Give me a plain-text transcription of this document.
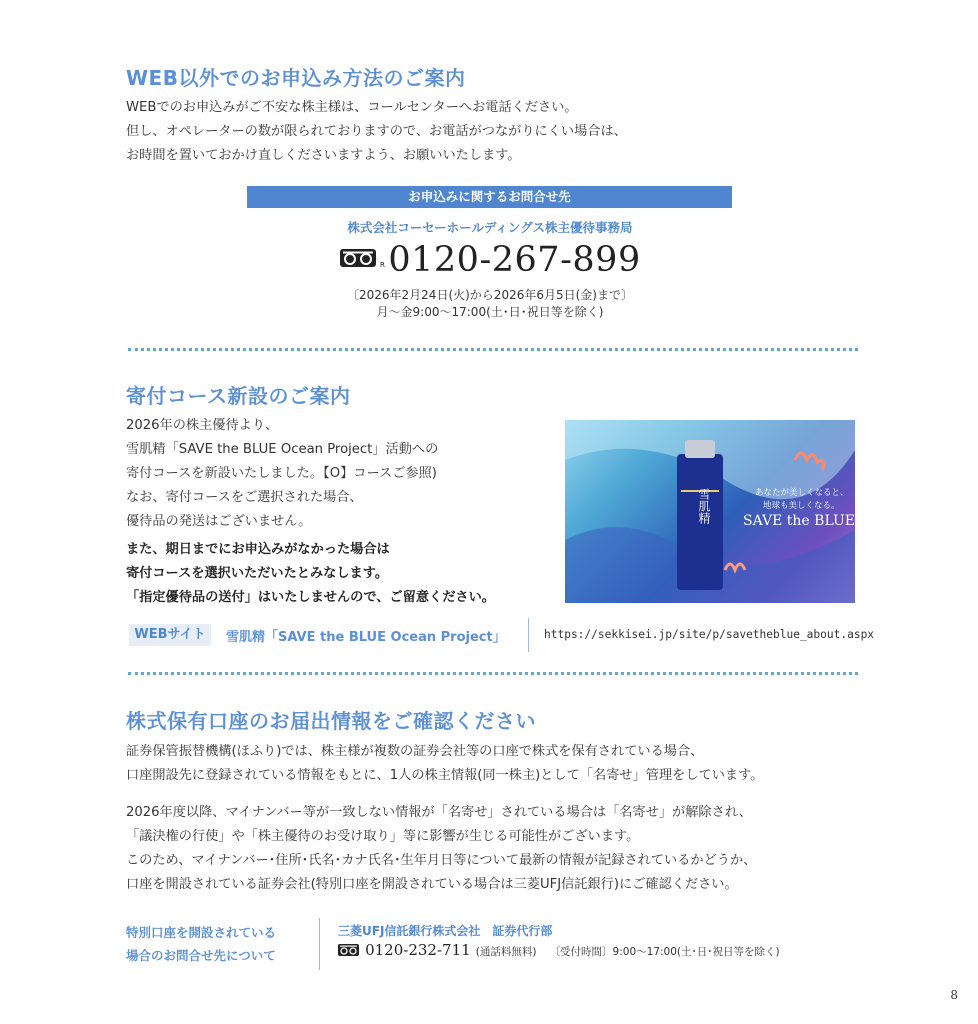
WEB以外でのお申込み方法のご案内
WEBでのお申込みがご不安な株主様は、コールセンターへお電話ください。
但し、オペレーターの数が限られておりますので、お電話がつながりにくい場合は、
お時間を置いておかけ直しくださいますよう、お願いいたします。
お申込みに関するお問合せ先
株式会社コーセーホールディングス株主優待事務局
R 0120-267-899
〔2026年2月24日(火)から2026年6月5日(金)まで〕
月～金9:00～17:00(土･日･祝日等を除く)
寄付コース新設のご案内
2026年の株主優待より、
雪肌精「SAVE the BLUE Ocean Project」活動への
寄付コースを新設いたしました。【O】コースご参照)
なお、寄付コースをご選択された場合、
優待品の発送はございません。
また、期日までにお申込みがなかった場合は
寄付コースを選択いただいたとみなします。
「指定優待品の送付」はいたしませんので、ご留意ください。
雪肌精	あなたが美しくなると、
地球も美しくなる。
SAVE the BLUE
WEBサイト	雪肌精「SAVE the BLUE Ocean Project」	https://sekkisei.jp/site/p/savetheblue_about.aspx
株式保有口座のお届出情報をご確認ください
証券保管振替機構(ほふり)では、株主様が複数の証券会社等の口座で株式を保有されている場合、
口座開設先に登録されている情報をもとに、1人の株主情報(同一株主)として「名寄せ」管理をしています。
2026年度以降、マイナンバー等が一致しない情報が「名寄せ」されている場合は「名寄せ」が解除され、
「議決権の行使」や「株主優待のお受け取り」等に影響が生じる可能性がございます。
このため、マイナンバー･住所･氏名･カナ氏名･生年月日等について最新の情報が記録されているかどうか、
口座を開設されている証券会社(特別口座を開設されている場合は三菱UFJ信託銀行)にご確認ください。
特別口座を開設されている
場合のお問合せ先について
三菱UFJ信託銀行株式会社　証券代行部
0120-232-711 (通話料無料) 〔受付時間〕9:00～17:00(土･日･祝日等を除く)
8
